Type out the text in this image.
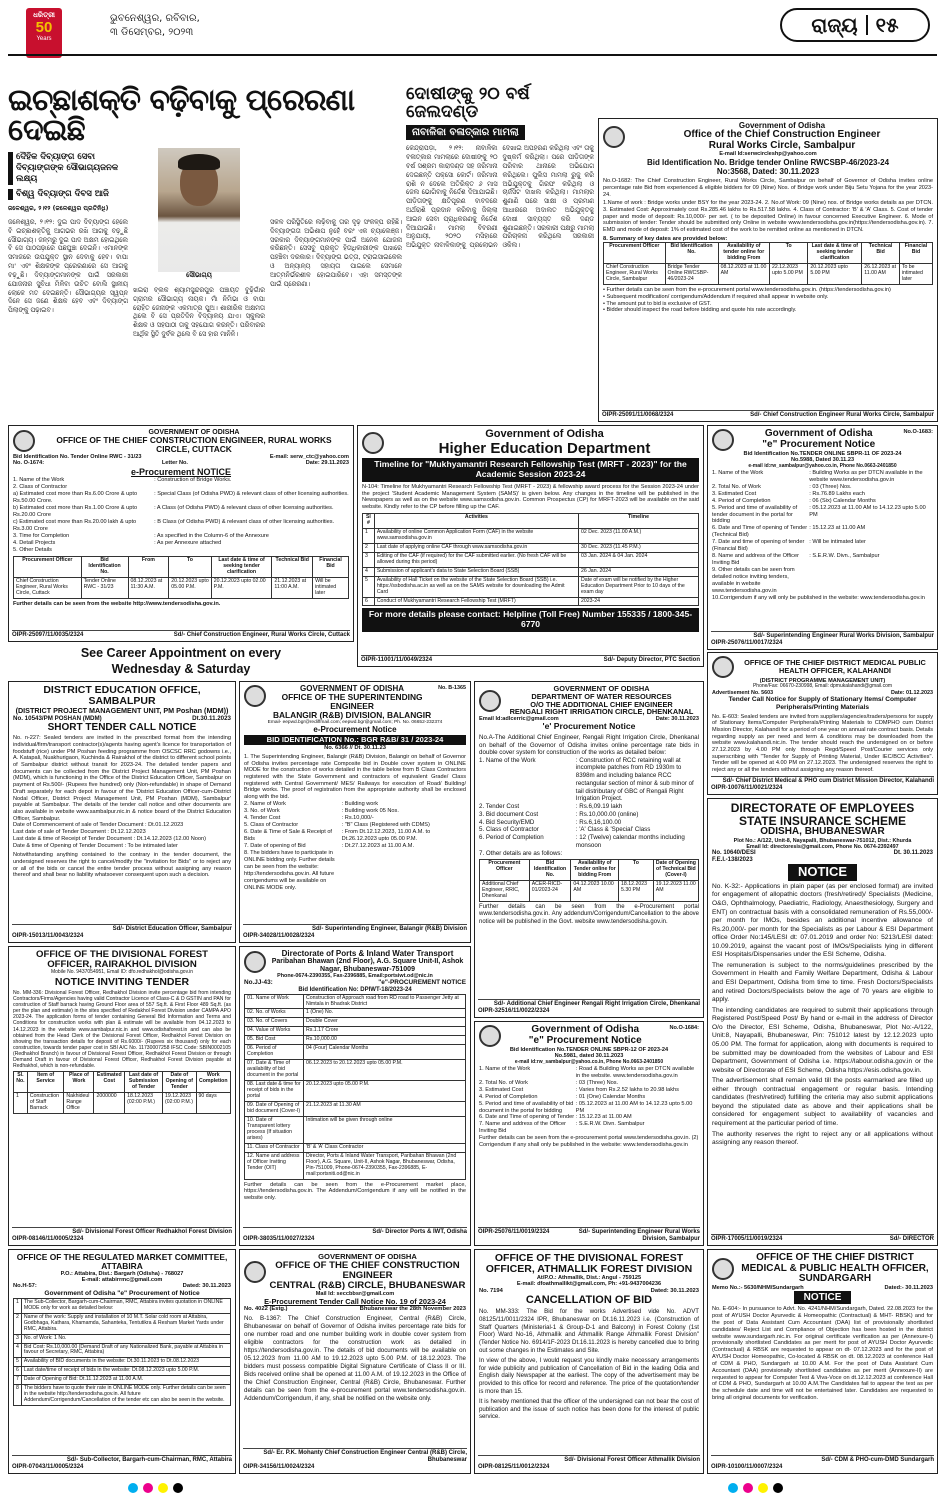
ଧରିତ୍ରୀ
50
Years
ଭୁବନେଶ୍ୱର, ରବିବାର,
୩ ଡିସେମ୍ବର, ୨୦୨୩	ରାଜ୍ୟ ୧୫
ଇଚ୍ଛାଶକ୍ତି ବଢ଼ିବାକୁ ପ୍ରେରଣା ଦେଇଛି
ଦୈହିକ ଦିବ୍ୟାଙ୍ଗ ସେବା ଦିବ୍ୟାଙ୍ଗଙ୍କ ସୌଭାଗ୍ୟଜନକ ଲକ୍ଷ୍ୟ
ବିଶ୍ୱ ଦିବ୍ୟାଙ୍ଗ ଦିବସ ଆଜି
ଜଳେଶ୍ୱର, ୨।୧୨ (ଜଳେଶ୍ୱର ପ୍ରତିନିଧି)
ସୌଭାଗ୍ୟ
ଜଳେଶ୍ୱର, ୨।୧୨: ଦୁଇ ପାଦ ଦିବ୍ୟାଙ୍ଗ ହେଲେ ବି ଇଚ୍ଛାଶକ୍ତିକୁ ଆଗଭର ରଖି ଆଗକୁ ବଢ଼ୁଛି ସୌଭାଗ୍ୟ। ଜନ୍ମରୁ ଦୁଇ ପାଦ ଅକ୍ଷମ ହୋଇଥିଲେ ବି ସେ ପାଠପଢ଼ାରେ ପଛଘୁଞ୍ଚା ଦେଇନି। ଏମାନଙ୍କ ସମାଜରେ ଉପଯୁକ୍ତ ସ୍ଥାନ ଦେବାକୁ ହେବ। ବାପା ମା' ଏବଂ ଶିକ୍ଷକଙ୍କ ପ୍ରେରଣାରେ ସେ ଆଗକୁ ବଢ଼ୁଛି। ଦିବ୍ୟାଙ୍ଗମାନଙ୍କ ପାଇଁ ସରକାରୀ ଯୋଜନାର ସୁବିଧା ମିଳିବା ଉଚିତ ବୋଲି ସ୍ଥାନୀୟ ଲୋକେ ମତ ଦେଇଛନ୍ତି। ସୌଭାଗ୍ୟର ସ୍ୱପ୍ନ ଦିନେ ସେ ଜଣେ ଶିକ୍ଷକ ହେବ ଏବଂ ଦିବ୍ୟାଙ୍ଗ ପିଲାଙ୍କୁ ପଢ଼ାଇବ।
ଖଇରା ବ୍ଲକ ଶ୍ୟାମସୁନ୍ଦରପୁର ପଞ୍ଚାୟତ ବୁଢ଼ିଗାଁର ଗ୍ରାମର ସୌଭାଗ୍ୟ ନାୟକ। ମାଁ ନିମିଭା ଓ ବାପା ରୋହିତ ଜେନାଙ୍କ ଏକମାତ୍ର ପୁଅ। ଶାରୀରିକ ଅକ୍ଷମତା ଥିଲେ ବି ସେ ପ୍ରତିଦିନ ବିଦ୍ୟାଳୟ ଯାଏ। ସ୍କୁଲର ଶିକ୍ଷକ ଓ ସହପାଠୀ ତାକୁ ସହଯୋଗ କରନ୍ତି। ପରିବାରର ଆର୍ଥିକ ସ୍ଥିତି ଦୁର୍ବଳ ଥିଲେ ବି ସେ ହାର ମାନିନି।
ସକଳ ପରିସ୍ଥିତିରେ ଲଢ଼ିବାକୁ ତାର ଦୃଢ଼ ସଂକଳ୍ପ ରହିଛି। ଦିବ୍ୟାଙ୍ଗତା ଅଭିଶାପ ନୁହେଁ ବରଂ ଏକ ଚ୍ୟାଲେଞ୍ଜ। ସରକାର ଦିବ୍ୟାଙ୍ଗମାନଙ୍କ ପାଇଁ ଅନେକ ଯୋଜନା କରିଛନ୍ତି। ସେସବୁ ପ୍ରକୃତ ହିତାଧିକାରୀଙ୍କ ପାଖରେ ପହଞ୍ଚିବା ଦରକାର। ଦିବ୍ୟାଙ୍ଗ ଭତ୍ତା, ଟ୍ରାଇସାଇକେଲ ଓ ଅନ୍ୟାନ୍ୟ ସହାୟତା ପାଇଲେ ସେମାନେ ଆତ୍ମନିର୍ଭରଶୀଳ ହୋଇପାରିବେ। ଏହା ସମସ୍ତଙ୍କ ପାଇଁ ପ୍ରେରଣା।
ଦୋଷୀଙ୍କୁ ୨୦ ବର୍ଷ ଜେଲଦଣ୍ଡ
ନାବାଳିକା ବଳାତ୍କାର ମାମଲା
କେନ୍ଦ୍ରାପଡ଼ା, ୨।୧୨: ନାବାଳିକା ବଳାତ୍କାର ମାମଲାରେ ଦୋଷୀଙ୍କୁ ୨୦ ବର୍ଷ ସଶ୍ରମ କାରାଦଣ୍ଡ ସହ ଜରିମାନା ଦେଇଛନ୍ତି ପକ୍ସୋ କୋର୍ଟ। ଜରିମାନା ରାଶି ନ ଦେଲେ ଅତିରିକ୍ତ ୬ ମାସ ଜେଲ ଭୋଗିବାକୁ ନିର୍ଦ୍ଦେଶ ଦିଆଯାଇଛି। ପୀଡ଼ିତାଙ୍କୁ କ୍ଷତିପୂରଣ ବାବଦରେ ଅର୍ଥରାଶି ପ୍ରଦାନ କରିବାକୁ ଜିଲ୍ଲା ଆଇନ ସେବା ପ୍ରାଧିକରଣକୁ ନିର୍ଦ୍ଦେଶ ଦିଆଯାଇଛି। ମାମଲା ବିବରଣୀ ଅନୁଯାୟୀ, ୨୦୨୦ ମସିହାରେ ଅଭିଯୁକ୍ତ ନାବାଳିକାଙ୍କୁ ପ୍ରଲୋଭନ ଦେଖାଇ ଅପହରଣ କରିଥିଲା ଏବଂ ତାକୁ ଦୁଷ୍କର୍ମ କରିଥିଲା। ପରେ ପୀଡ଼ିତାଙ୍କ ପରିବାର ଥାନାରେ ଅଭିଯୋଗ କରିଥିଲେ। ପୁଲିସ ମାମଲା ରୁଜୁ କରି ଅଭିଯୁକ୍ତକୁ ଗିରଫ କରିଥିଲା ଓ ଚାର୍ଜସିଟ ଦାଖଲ କରିଥିଲା। ମାମଲାର ଶୁଣାଣି ପରେ ସାକ୍ଷୀ ଓ ପ୍ରମାଣ ଆଧାରରେ ଅଦାଲତ ଅଭିଯୁକ୍ତକୁ ଦୋଷୀ ସାବ୍ୟସ୍ତ କରି ଦଣ୍ଡ ଶୁଣାଇଛନ୍ତି। ସରକାରୀ ପକ୍ଷରୁ ମାମଲା ପରିଚାଳନା କରିଥିଲେ ସରକାରୀ ଓକିଲ।
Government of Odisha
Office of the Chief Construction Engineer
Rural Works Circle, Sambalpur
E-mail Id:serwcircleshp@yahoo.com
Bid Identification No. Bridge tender Online RWCSBP-46/2023-24
No:3568, Dated: 30.11.2023
No.O-1682: The Chief Construction Engineer, Rural Works Circle, Sambalpur on behalf of Governor of Odisha invites online percentage rate Bid from experienced & eligible bidders for 09 (Nine) Nos. of Bridge work under Biju Setu Yojana for the year 2023-24.
1.Name of work : Bridge works under BSY for the year 2023-24. 2. No.of Work: 09 (Nine) nos. of Bridge works details as per DTCN. 3. Estimated Cost: Approximately cost Rs.285.46 lakhs to Rs.517.58 lakhs. 4. Class of Contractor: 'B' & 'A' Class. 5. Cost of tender paper and mode of deposit: Rs.10,000/- per set. ( to be deposited Online) in favour concerned Executive Engineer. 6. Mode of submission of tender: Tender should be submitted only Online in website www.tendersodisha.gov.in(https://tendersodisha.gov.in). 7. EMD and mode of deposit: 1% of estimated cost of the work to be remitted online as mentioned in DTCN.
8. Summary of key dates are provided below:
Procurement Officer	Bid Identification No.	Availability of tender online for bidding From	To	Last date & time of seeking tender clarification	Technical Bid	Financial Bid
Chief Construction Engineer, Rural Works Circle, Sambalpur	Bridge Tender Online RWCSBP-46/2023-24	08.12.2023 at 11.00 AM	22.12.2023 upto 5.00 PM	20.12.2023 upto 5.00 PM	26.12.2023 at 11.00 AM	To be intimated later
• Further details can be seen from the e-procurement portal www.tendersodisha.gov.in. (https://tendersodisha.gov.in)
• Subsequent modification/ corrigendum/Addendum if required shall appear in website only.
• The amount put to bid is exclusive of GST.
• Bidder should inspect the road before bidding and quote his rate accordingly.
OIPR-25091/11/0068/2324	Sd/- Chief Construction Engineer Rural Works Circle, Sambalpur
GOVERNMENT OF ODISHA
OFFICE OF THE CHIEF CONSTRUCTION ENGINEER, RURAL WORKS CIRCLE, CUTTACK
Bid Identification No. Tender Online RWC - 31/23	E-mail: serw_ctc@yahoo.com
No. O-1674:	Letter No.	Date: 29.11.2023
e-Procurement NOTICE
1. Name of the Work	: Construction of Bridge Works.
2. Class of Contractor
a) Estimated cost more than Rs.6.00 Crore & upto Rs.50.00 Crore.
: Special Class (of Odisha PWD) & relevant class of other licensing authorities.
b) Estimated cost more than Rs.1.00 Crore & upto Rs.20.00 Crore
: A Class (of Odisha PWD) & relevant class of other licensing authorities.
c) Estimated cost more than Rs.20.00 lakh & upto Rs.3.00 Crore
: B Class (of Odisha PWD) & relevant class of other licensing authorities.
3. Time for Completion	: As specified in the Column-6 of the Annexure
4. Detail Projects	: As per Annexure attached
5. Other Details
Procurement Officer	Bid Identification No.	From	To	Last date & time of seeking tender clarification	Technical Bid	Financial Bid
Chief Construction Engineer, Rural Works Circle, Cuttack	Tender Online RWC - 31/23	08.12.2023 at 11:30 A.M.	20.12.2023 upto 05.00 P.M.	20.12.2023 upto 02.00 P.M.	21.12.2023 at 11:00 A.M.	Will be intimated later
Further details can be seen from the website http://www.tendersodisha.gov.in.
OIPR-25097/11/0035/2324	Sd/- Chief Construction Engineer, Rural Works Circle, Cuttack
See Career Appointment on every
Wednesday & Saturday
Government of Odisha
Higher Education Department
Timeline for "Mukhyamantri Research Fellowship Test (MRFT - 2023)" for the Academic Session 2023-24
N-104: Timeline for Mukhyamantri Research Fellowship Test (MRFT - 2023) & fellowship award process for the Session 2023-24 under the project 'Student Academic Management System (SAMS)' is given below. Any changes in the timeline will be published in the Newspapers as well as on the website www.samsodisha.gov.in. Common Prospectus (CP) for MRFT-2023 will be available on the said website. Kindly refer to the CP before filling up the CAF.
Sl #	Activities	Timeline
1	Availability of online Common Application Form (CAF) in the website www.samsodisha.gov.in	02 Dec. 2023 (11.00 A.M.)
2	Last date of applying online CAF through www.samsodisha.gov.in	30 Dec. 2023 (11.45 P.M.)
3	Editing of the CAF (if required) for the CAF submitted earlier. (No fresh CAF will be allowed during this period)	03 Jan. 2024 & 04 Jan. 2024
4	Submission of applicant's data to State Selection Board (SSB)	26 Jan. 2024
5	Availability of Hall Ticket on the website of the State Selection Board (SSB) i.e. https://ssbodisha.ac.in as well as on the SAMS website for downloading the Admit Card	Date of exam will be notified by the Higher Education Department Prior to 10 days of the exam day
6	Conduct of Mukhyamantri Research Fellowship Test (MRFT)	2023-24
For more details please contact: Helpline (Toll Free) Number 155335 / 1800-345-6770
OIPR-11001/11/0049/2324	Sd/- Deputy Director, PTC Section
Government of Odisha
"e" Procurement Notice
No.O-1683:
Bid Identification No.TENDER ONLINE SBPR-11 OF 2023-24
No.5988, Dated 30.11.23
e-mail id:rw_sambalpur@yahoo.co.in, Phone No.0663-2401850
1. Name of the Work	: Building Works as per DTCN available in the website www.tendersodisha.gov.in
2. Total No. of Work	: 03 (Three) Nos.
3. Estimated Cost	: Rs.76.89 Lakhs each
4. Period of Completion	: 06 (Six) Calendar Months
5. Period and time of availability of tender document in the portal for bidding
: 05.12.2023 at 11.00 AM to 14.12.23 upto 5.00 PM
6. Date and Time of opening of Tender (Technical Bid)
: 15.12.23 at 11.00 AM
7. Date and time of opening of tender (Financial Bid)
: Will be intimated later
8. Name and address of the Officer Inviting Bid
: S.E.R.W. Divn., Sambalpur
9. Other details can be seen from detailed notice inviting tenders, available in website www.tendersodisha.gov.in
10.Corrigendum if any will only be published in the website: www.tendersodisha.gov.in
Sd/- Superintending Engineer Rural Works Division, Sambalpur
OIPR-25076/11/0017/2324
OFFICE OF THE CHIEF DISTRICT MEDICAL PUBLIC HEALTH OFFICER, KALAHANDI
(DISTRICT PROGRAMME MANAGEMENT UNIT)
Phone/Fax: 06670-230998, Email: dpmukalahandi@gmail.com
Advertisement No. 5603	Date: 01.12.2023
Tender Call Notice for Supply of Stationary Items/ Computer Peripherals/Printing Materials
No. E-603: Sealed tenders are invited from suppliers/agencies/traders/persons for supply of Stationary Items/Computer Peripherals/Printing Materials to CDMPHO cum District Mission Director, Kalahandi for a period of one year on annual rate contract basis. Details regarding supply as per need and term & conditions may be downloaded from the website www.kalahandi.nic.in. The tender should reach the undersigned on or before 27.12.2023 by 4.00 PM only through Regd/Speed Post/Courier services only superscribing with "Tender for Supply of Printing Material, Under IEC/BCC Activities". Tender will be opened at 4.00 PM on 27.12.2023. The undersigned reserves the right to reject any or all the tenders without assigning any reason thereof.
Sd/- Chief District Medical & PHO cum District Mission Director, Kalahandi
OIPR-10076/11/0021/2324
DISTRICT EDUCATION OFFICE, SAMBALPUR
(DISTRICT PROJECT MANAGEMENT UNIT, PM Poshan (MDM))
No. 10543/PM POSHAN (MDM)	Dt.30.11.2023
SHORT TENDER CALL NOTICE
No. n-227: Sealed tenders are invited in the prescribed format from the intending individual/firm/transport contractor(s)/agents having agent's licence for transportation of foodstuff (rice) under PM Poshan feeding programme from OSCSC RRC godowns i.e., A. Katapali, Nuakhurigaon, Kuchinda & Rairakhol of the district to different school points of Sambalpur district without transit for 2023-24. The detailed tender papers and documents can be collected from the District Project Management Unit, PM Poshan (MDM), which is functioning in the Office of the District Education Officer, Sambalpur on payment of Rs.500/- (Rupees five hundred) only (Non-refundable) in shape of Demand Draft separately for each depot in favour of the 'District Education Officer-cum-District Nodal Officer, District Project Management Unit, PM Poshan (MDM), Sambalpur' payable at Sambalpur. The details of the tender call notice and other documents are also available in website www.sambalpur.nic.in & notice board of the District Education Officer, Sambalpur.
Date of Commencement of sale of Tender Document : Dt.01.12.2023
Last date of sale of Tender Document : Dt.12.12.2023
Last date & time of Receipt of Tender Document : Dt.14.12.2023 (12.00 Noon)
Date & time of Opening of Tender Document : To be intimated later
Notwithstanding anything contained to the contrary in the tender document, the undersigned reserves the right to cancel/modify the "invitation for Bids" or to reject any or all of the bids or cancel the entire tender process without assigning any reason thereof and shall bear no liability whatsoever consequent upon such a decision.
Sd/- District Education Officer, Sambalpur
OIPR-15013/11/0043/2324
GOVERNMENT OF ODISHA
OFFICE OF THE SUPERINTENDING ENGINEER
BALANGIR (R&B) DIVISION, BALANGIR
No. B-1365
Email- eepwd.bgr@rediffmail.com; eepwd.bgr@gmail.com; Ph. No. 06652-232374
e-Procurement Notice
BID IDENTIFICATION No.: BGR R&B/ 31 / 2023-24
No. 6366 // Dt. 30.11.23
1. The Superintending Engineer, Balangir (R&B) Division, Balangir on behalf of Governor of Odisha invites percentage rate Composite bid in Double cover system in ONLINE MODE for the construction of works detailed in the table below from B Class Contractors registered with the State Government and contractors of equivalent Grade/ Class registered with Central Government/ MES/ Railways for execution of Road/ Building/ Bridge works. The proof of registration from the appropriate authority shall be enclosed along with the bid.
2. Name of Work	: Building work
3. No. of Work	: Building work 05 Nos.
4. Tender Cost	: Rs.10,000/-
5. Class of Contractor	: "B" Class (Registered with CDMS)
6. Date & Time of Sale & Receipt of Bids
: From Dt.12.12.2023, 11.00 A.M. to Dt.26.12.2023 upto 05.00 P.M.
7. Date of opening of Bid	: Dt.27.12.2023 at 11.00 A.M.
8. The bidders have to participate in ONLINE bidding only. Further details can be seen from the website: http://tendersodisha.gov.in. All future corrigendums will be available on ONLINE MODE only.
Sd/- Superintending Engineer, Balangir (R&B) Division
OIPR-34028/11/0028/2324
GOVERNMENT OF ODISHA
DEPARTMENT OF WATER RESOURCES
O/O THE ADDITIONAL CHIEF ENGINEER
RENGALI RIGHT IRRIGATION CIRCLE, DHENKANAL
Email Id:adlcerric@gmail.com	Date: 30.11.2023
'e' Procurement Notice
No.A-The Additional Chief Engineer, Rengali Right Irrigation Circle, Dhenkanal on behalf of the Governor of Odisha invites online percentage rate bids in double cover system for construction of the works as detailed below:
1. Name of the Work	: Construction of RCC retaining wall at incomplete patches from RD 1930m to 8398m and including balance RCC rectangular section of minor & sub minor of tail distributary of GBC of Rengali Right Irrigation Project.
2. Tender Cost	: Rs.6,09.19 lakh
3. Bid document Cost	: Rs.10,000.00 (online)
4. Bid Security/EMD	: Rs.6,16,100.00
5. Class of Contractor	: 'A' Class & 'Special' Class
6. Period of Completion	: 12 (Twelve) calendar months including monsoon
7. Other details are as follows:
Procurement Officer	Bid Identification No.	Availability of Tender online for bidding From	To	Date of Opening of Technical Bid (Cover-I)
Additional Chief Engineer, RRIC, Dhenkanal	ACER-RICD-01/2023-24	04.12.2023 10.00 AM	18.12.2023 5.30 PM	19.12.2023 11.00 AM
Further details can be seen from the e-Procurement portal www.tendersodisha.gov.in. Any addendum/Corrigendum/Cancellation to the above notice will be published in the Govt. website www.tendersodisha.gov.in.
Sd/- Additional Chief Engineer Rengali Right Irrigation Circle, Dhenkanal
OIPR-32516/11/0022/2324
DIRECTORATE OF EMPLOYEES STATE INSURANCE SCHEME
ODISHA, BHUBANESWAR
Plot No.: A/122, Unit-8, Nayapalli, Bhubaneswar-751012, Dist.: Khurda
Email Id: directoresis@gmail.com, Phone No. 0674-2392497
No. 10640/DESI	Dt. 30.11.2023
F.E.I.-138/2023
NOTICE
No. K-32:- Applications in plain paper (as per enclosed format) are invited for engagement of allopathic doctors (fresh/retired)/ Specialists (Medicine, O&G, Ophthalmology, Paediatric, Radiology, Anaesthesiology, Surgery and ENT) on contractual basis with a consolidated remuneration of Rs.55,000/-per month for IMOs, besides an additional incentive allowance of Rs.20,000/- per month for the Specialists as per Labour & ESI Department office Order No:145/LESI dt: 07.01.2019 and order No: 5213/LESI dated: 10.09.2019, against the vacant post of IMOs/Specialists lying in different ESI Hospitals/Dispensaries under the ESI Scheme, Odisha.
The remuneration is subject to the norms/guidelines prescribed by the Government in Health and Family Welfare Department, Odisha & Labour and ESI Department, Odisha from time to time. Fresh Doctors/Specialists and retired Doctors/Specialists below the age of 70 years are eligible to apply.
The intending candidates are required to submit their applications through Registered Post/Speed Post/ By hand or e-mail in the address of Director O/o the Director, ESI Scheme, Odisha, Bhubaneswar, Plot No:-A/122, Unit:8, Nayapalli, Bhubaneswar, Pin: 751012 latest by 12.12.2023 upto 05.00 PM. The format for application, along with documents is required to be submitted may be downloaded from the websites of Labour and ESI Department, Government of Odisha i.e. https://labour.odisha.gov.in or the website of Directorate of ESI Scheme, Odisha https://esis.odisha.gov.in.
The advertisement shall remain valid till the posts earmarked are filled up either through contractual engagement or regular basis. Intending candidates (fresh/retired) fulfilling the criteria may also submit applications beyond the stipulated date as above and their applications shall be considered for engagement subject to availability of vacancies and requirement at the particular period of time.
The authority reserves the right to reject any or all applications without assigning any reason thereof.
OIPR-17005/11/0019/2324	Sd/- DIRECTOR
OFFICE OF THE DIVISIONAL FOREST OFFICER, RAIRAKHOL DIVISION
Mobile No. 9437054951, Email ID: dfo.redhakhol@odisha.gov.in
NOTICE INVITING TENDER
No. MM-336: Divisional Forest Officer, Redhakhol Division invite percentage bid from intending Contractors/Firms/Agencies having valid Contractor Licence of Class-C & D GSTIN and PAN for construction of Staff barrack having Ground Floor area of 557 Sq.ft. & First Floor 489 Sq.ft. (as per the plan and estimate) in the sites specified of Redakhol Forest Division under CAMPA APO 2023-24. The application forms of tender containing General Bid Information and Terms and Conditions for construction works with plan & estimate will be available from 04.12.2023 to 14.12.2023 in the website www.sambalpur.nic.in and www.odishaforest.in and can also be obtained from the Head Clerk of the Divisional Forest Officer, Redhakhol Forest Division on showing the transaction details for deposit of Rs.6000/- (Rupees six thousand) only for each construction, towards tender paper cost in SBI A/C No. 11730007258 IFSC Code: SBIN0002105 (Redhakhol Branch) in favour of Divisional Forest Officer, Redhakhol Forest Division or through Demand Draft in favour of Divisional Forest Officer, Redhakhol Forest Division payable at Redhakhol, which is non-refundable.
Sl. No.	Item of Service	Place of Work	Estimated Cost	Last date of Submission of Tender	Date of Opening of Tender	Work Completion
1	Construction of Staff Barrack	Nakhideul Range Office	2000000	18.12.2023 (02:00 P.M.)	19.12.2023 (02:00 P.M.)	90 days
Sd/- Divisional Forest Officer Redhakhol Forest Division
OIPR-08146/11/0005/2324
Directorate of Ports & Inland Water Transport
Paribahan Bhawan (2nd Floor), A.G. Square Unit-II, Ashok Nagar, Bhubaneswar-751009
Phone-0674-2390355, Fax-2396885, Email:portsiwt.od@nic.in
No.JJ-43:	"e"-PROCUREMENT NOTICE
Bid Identification No: DPIWT-18/2023-24
01. Name of Work	Construction of Approach road from RD road to Passenger Jetty at Nimtala in Bhadrak District
02. No. of Works	1 (One) No.
03. No. of Covers	Double Cover
04. Value of Works	Rs.1.17 Crore
05. Bid Cost	Rs.10,000.00
06. Period of Completion	04 (Four) Calendar Months
07. Date & Time of availability of bid document in the portal	06.12.2023 to 20.12.2023 upto 05.00 P.M.
08. Last date & time for receipt of bids in the portal	20.12.2023 upto 05.00 P.M.
09. Date of Opening of bid document (Cover-I)	21.12.2023 at 11.30 AM
10. Date of Transparent lottery process (If situation arises)	Intimation will be given through online
11. Class of Contractor	'B' & 'A' Class Contractor
12. Name and address of Officer Inviting Tender (OIT)	Director, Ports & Inland Water Transport, Paribahan Bhawan (2nd Floor), A.G. Square, Unit-II, Ashok Nagar, Bhubaneswar, Odisha, Pin-751009, Phone-0674-2390355, Fax-2396885, E-mail:portsniti.od@nic.in
Further details can be seen from the e-Procurement market place, https://tendersodisha.gov.in. The Addendum/Corrigendum if any will be notified in the website only.
Sd/- Director Ports & IWT, Odisha
OIPR-38035/11/0027/2324
Government of Odisha
"e" Procurement Notice
No.O-1684:
Bid Identification No.TENDER ONLINE SBPR-12 OF 2023-24
No.5981, dated 30.11.2023
e-mail id:rw_sambalpur@yahoo.co.in, Phone No.0663-2401850
1. Name of the Work	: Road & Building Works as per DTCN available in the website. www.tendersodisha.gov.in
2. Total No. of Work	: 03 (Three) Nos.
3. Estimated Cost	: Varies from Rs.2.52 lakhs to 20.98 lakhs
4. Period of Completion	: 01 (One) Calendar Months
5. Period and time of availability of bid document in the portal for bidding
: 05.12.2023 at 11.00 AM to 14.12.23 upto 5.00 PM
6. Date and Time of opening of Tender : 15.12.23 at 11.00 AM
7. Name and address of the Officer Inviting Bid
: S.E.R.W. Divn. Sambalpur
Further details can be seen from the e-procurement portal www.tendersodisha.gov.in. (2) Corrigendum if any shall only be published in the website: www.tendersodisha.gov.in
OIPR-25076/11/0019/2324	Sd/- Superintending Engineer Rural Works Division, Sambalpur
OFFICE OF THE REGULATED MARKET COMMITTEE, ATTABIRA
P.O.: Attabira, Dist.: Bargarh (Odisha) - 768027
E-mail: attabirrmc@gmail.com
No.H-57:	Dated: 30.11.2023
Government of Odisha "e" Procurement of Notice
1	The Sub-Collector, Bargarh-cum-Chairman, RMC, Attabira invites quotation in ONLINE MODE only for work as detailed below:
2	Name of the work: Supply and installation of 10 M.T. Solar cold room at Attabira, Godbhaga, Kathara, Khamamda, Sahanteka, Tentutikra & Resham Market Yards under RMC, Attabira.
3	No. of Work: 1 No.
4	Bid Cost: Rs.10,000.00 (Demand Draft of any Nationalized Bank, payable at Attabira in favour of Secretary, RMC, Attabira)
5	Availability of BID documents in the website: Dt.30.11.2023 to Dt.08.12.2023
6	Last date/time of receipt of bids in the website: Dt.08.12.2023 upto 5.00 P.M.
7	Date of Opening of Bid: Dt.11.12.2023 at 11.00 A.M.
8	The bidders have to quote their rate in ONLINE MODE only. Further details can be seen in the website http://tendersodisha.gov.in. All future Addendum/Corrigendum/Cancellation of the tender etc can also be seen in the website.
Sd/- Sub-Collector, Bargarh-cum-Chairman, RMC, Attabira
OIPR-07043/11/0005/2324
GOVERNMENT OF ODISHA
OFFICE OF THE CHIEF CONSTRUCTION ENGINEER
CENTRAL (R&B) CIRCLE, BHUBANESWAR
Mail Id: seccbbsr@gmail.com
E-Procurement Tender Call Notice No. 19 of 2023-24
No. 4022 (Estg.)	Bhubaneswar the 28th November 2023
No. B-1367: The Chief Construction Engineer, Central (R&B) Circle, Bhubaneswar on behalf of Governor of Odisha invites percentage rate bids for one number road and one number building work in double cover system from eligible contractors for the construction work as detailed in https://tendersodisha.gov.in. The details of bid documents will be available on 05.12.2023 from 11.00 AM to 19.12.2023 upto 5.00 P.M. of 18.12.2023. The bidders must possess compatible Digital Signature Certificate of Class II or III. Bids received online shall be opened at 11.00 A.M. of 19.12.2023 in the Office of the Chief Construction Engineer, Central (R&B) Circle, Bhubaneswar. Further details can be seen from the e-procurement portal www.tendersodisha.gov.in. Addendum/Corrigendum, if any, shall be notified on the website only.
Sd/- Er. P.K. Mohanty Chief Construction Engineer Central (R&B) Circle, Bhubaneswar
OIPR-34156/11/0024/2324
OFFICE OF THE DIVISIONAL FOREST OFFICER, ATHMALLIK FOREST DIVISION
At/P.O.: Athmallik, Dist.: Angul - 759125
E-mail: dfoathmallikt@gmail.com, Ph: +91-9437004236
No. 7194	Dated: 30.11.2023
CANCELLATION OF BID
No. MM-333: The Bid for the works Advertised vide No. ADVT 08125/11/0011/2324 IPR, Bhubaneswar on Dt.16.11.2023 i.e. (Construction of Staff Quarters (Ministerial-1 & Group-D-1 and Balcony) in Forest Colony (1st Floor) Ward No-16, Athmallik and Athmallik Range Athmallik Forest Division" (Tender Notice No. 6914/1F-2023 Dt.16.11.2023 is hereby cancelled due to bring out some changes in the Estimates and Site.
In view of the above, I would request you kindly make necessary arrangements for wide publicity and publication of Cancellation of Bid in the leading Odia and English daily Newspaper at the earliest. The copy of the advertisement may be provided to this office for record and reference. The price of the quotation/tender is more than 15.
It is hereby mentioned that the officer of the undersigned can not bear the cost of publication and the issue of such notice has been done for the interest of public service.
Sd/- Divisional Forest Officer Athmallik Division
OIPR-08125/11/0012/2324
OFFICE OF THE CHIEF DISTRICT MEDICAL & PUBLIC HEALTH OFFICER, SUNDARGARH
Memo No.:- 5630/NHM/Sundargarh	Dated:- 30.11.2023
NOTICE
No. E-604:- In pursuance to Advt. No. 4241/NHM/Sundargarh, Dated. 22.08.2023 for the post of AYUSH Doctor Ayurvedic & Homeopathic (Contractual) & MHT- RBSK) and for the post of Data Assistant Cum Accountant (DAA) list of provisionally shortlisted candidates/ Reject List and Compliance of Objection has been hosted in the district website www.sundargarh.nic.in. For original certificate verification as per (Annexure-I) provisionally shortlisted Candidates as per merit for post of AYUSH Doctor Ayurvedic (Contractual) & RBSK are requested to appear on dt- 07.12.2023 and for the post of AYUSH Doctor Homeopathic, Co-located & RBSK on dt. 08.12.2023 at conference Hall of CDM & PHO, Sundargarh at 10.00 A.M. For the post of Data Assistant Cum Accountant (DAA) provisionally shortlisted candidates as per merit (Annexure-II) are requested to appear for Computer Test & Viva-Voce on dt.12.12.2023 at conference Hall of CDM & PHO, Sundargarh at 10.00 A.M.The Candidates fail to appear the test as per the schedule date and time will not be entertained later. Candidates are requested to bring all original documents for verification.
Sd/- CDM & PHO-cum-DMD Sundargarh
OIPR-10100/11/0007/2324
